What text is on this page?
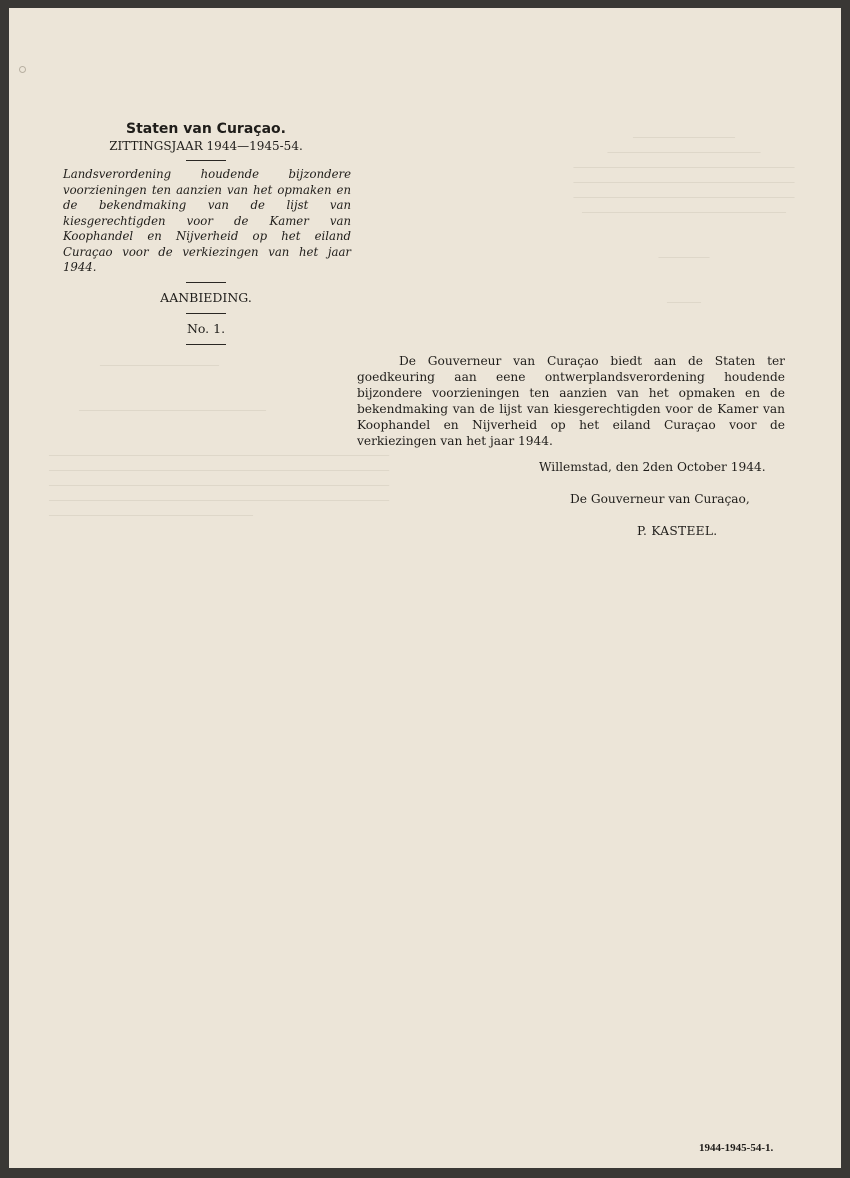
────────────
──────────────────
──────────────────────────
──────────────────────────
──────────────────────────
────────────────────────

──────

────
──────────────

──────────────────────

────────────────────────────────────────
────────────────────────────────────────
────────────────────────────────────────
────────────────────────────────────────
────────────────────────

Staten van Curaçao.

ZITTINGSJAAR 1944—1945-54.

Landsverordening houdende bijzondere voorzieningen ten aanzien van het opmaken en de bekendmaking van de lijst van kiesgerechtigden voor de Kamer van Koophandel en Nijverheid op het eiland Curaçao voor de verkiezingen van het jaar 1944.

AANBIEDING.

No. 1.

De Gouverneur van Curaçao biedt aan de Staten ter goedkeuring aan eene ontwerplandsverordening houdende bijzondere voorzieningen ten aanzien van het opmaken en de bekendmaking van de lijst van kiesgerechtigden voor de Kamer van Koophandel en Nijverheid op het eiland Curaçao voor de verkiezingen van het jaar 1944.

Willemstad, den 2den October 1944.

De Gouverneur van Curaçao,

P. KASTEEL.

1944-1945-54-1.
